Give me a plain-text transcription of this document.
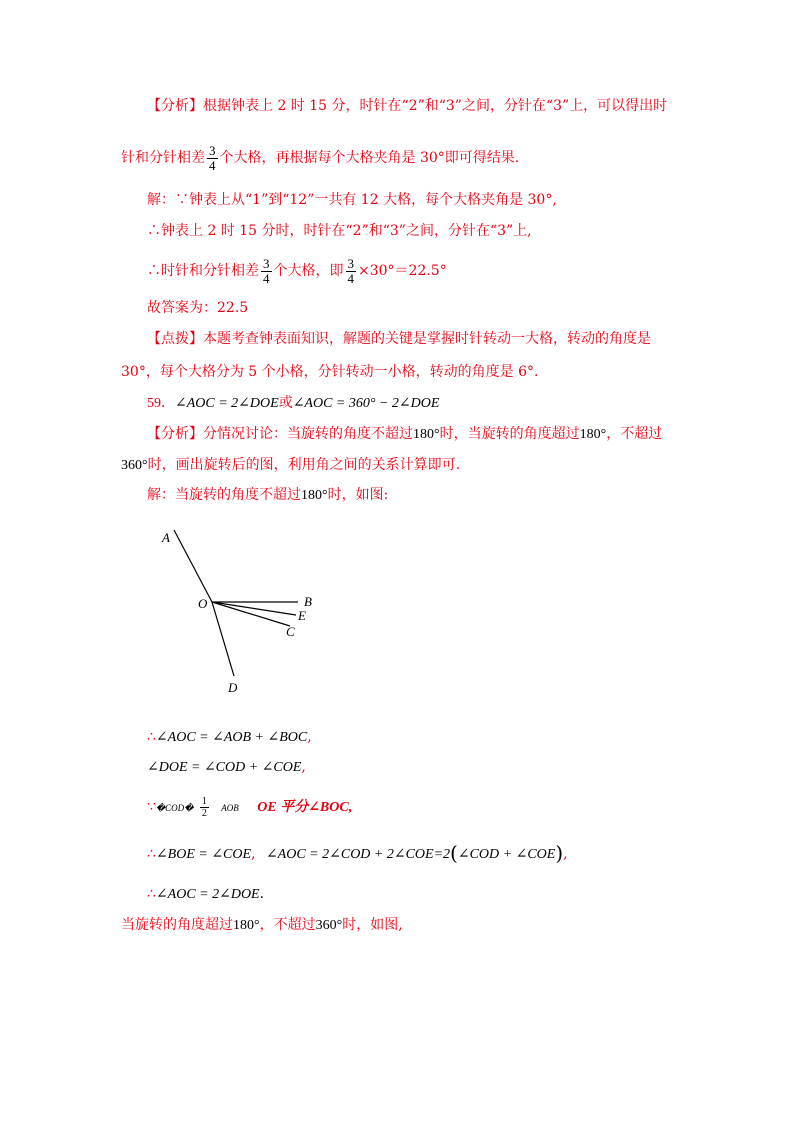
【分析】根据钟表上 2 时 15 分，时针在“2”和“3”之间，分针在“3”上，可以得出时
针和分针相差 $\frac{3}{4}$ 个大格，再根据每个大格夹角是 30°即可得结果.
解：∵钟表上从“1”到“12”一共有 12 大格，每个大格夹角是 30°,
∴钟表上 2 时 15 分时，时针在“2”和“3”之间，分针在“3”上,
∴时针和分针相差 $\frac{3}{4}$ 个大格，即 $\frac{3}{4} \times 30^\circ=22.5^\circ$
故答案为：22.5
【点拨】本题考查钟表面知识，解题的关键是掌握时针转动一大格，转动的角度是
30°，每个大格分为 5 个小格，分针转动一小格，转动的角度是 6°.
59．∠AOC = 2∠DOE或∠AOC = 360° − 2∠DOE
【分析】分情况讨论：当旋转的角度不超过180°时，当旋转的角度超过180°，不超过
360°时，画出旋转后的图，利用角之间的关系计算即可.
解：当旋转的角度不超过180°时，如图:
A
O	B
E
C
D
∴∠AOC = ∠AOB + ∠BOC,
∠DOE = ∠COD + ∠COE,
∵�COD� $\frac{1}{2}$ AOB OE 平分∠BOC,
∴∠BOE = ∠COE, ∠AOC = 2∠COD + 2∠COE=2(∠COD + ∠COE),
∴∠AOC = 2∠DOE.
当旋转的角度超过180°，不超过360°时，如图,
